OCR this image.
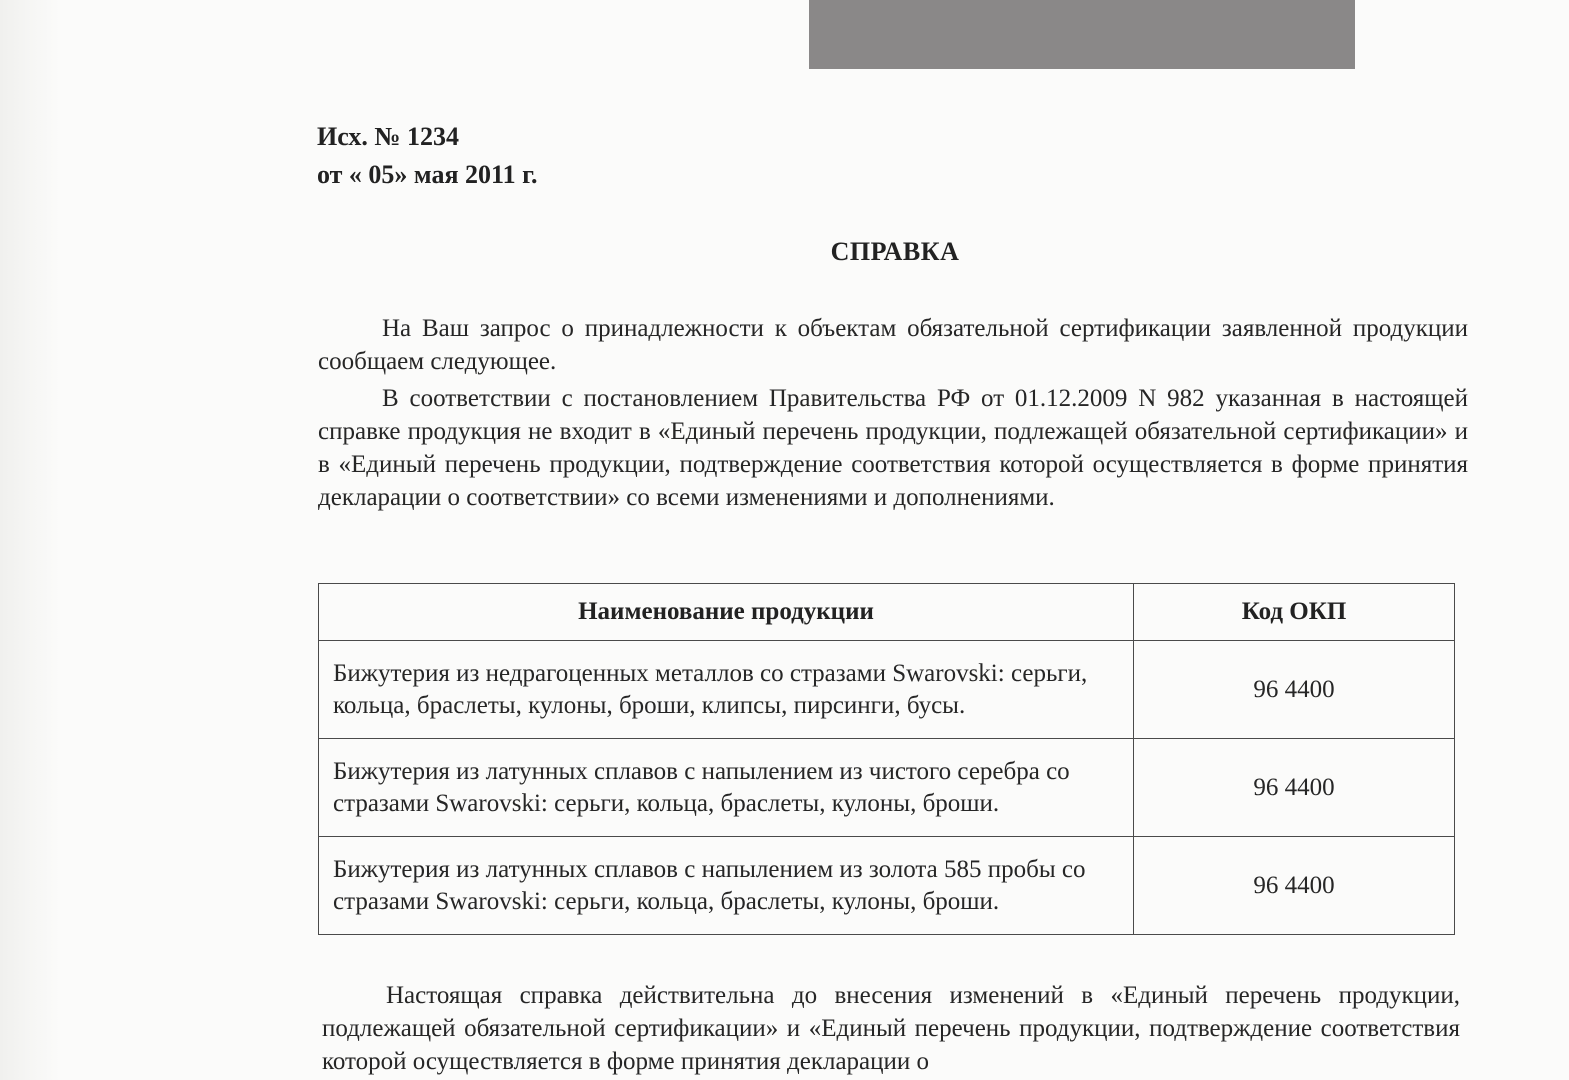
Исх. № 1234
от « 05» мая 2011 г.
СПРАВКА

На Ваш запрос о принадлежности к объектам обязательной сертификации заявленной продукции сообщаем следующее.

В соответствии с постановлением Правительства РФ от 01.12.2009 N 982 указанная в настоящей справке продукция не входит в «Единый перечень продукции, подлежащей обязательной сертификации» и в «Единый перечень продукции, подтверждение соответствия которой осуществляется в форме принятия декларации о соответствии» со всеми изменениями и дополнениями.

Наименование продукции	Код ОКП
Бижутерия из недрагоценных металлов со стразами Swarovski: серьги, кольца, браслеты, кулоны, броши, клипсы, пирсинги, бусы.	96 4400
Бижутерия из латунных сплавов с напылением из чистого серебра со стразами Swarovski: серьги, кольца, браслеты, кулоны, броши.	96 4400
Бижутерия из латунных сплавов с напылением из золота 585 пробы со стразами Swarovski: серьги, кольца, браслеты, кулоны, броши.	96 4400

Настоящая справка действительна до внесения изменений в «Единый перечень продукции, подлежащей обязательной сертификации» и «Единый перечень продукции, подтверждение соответствия которой осуществляется в форме принятия декларации о
